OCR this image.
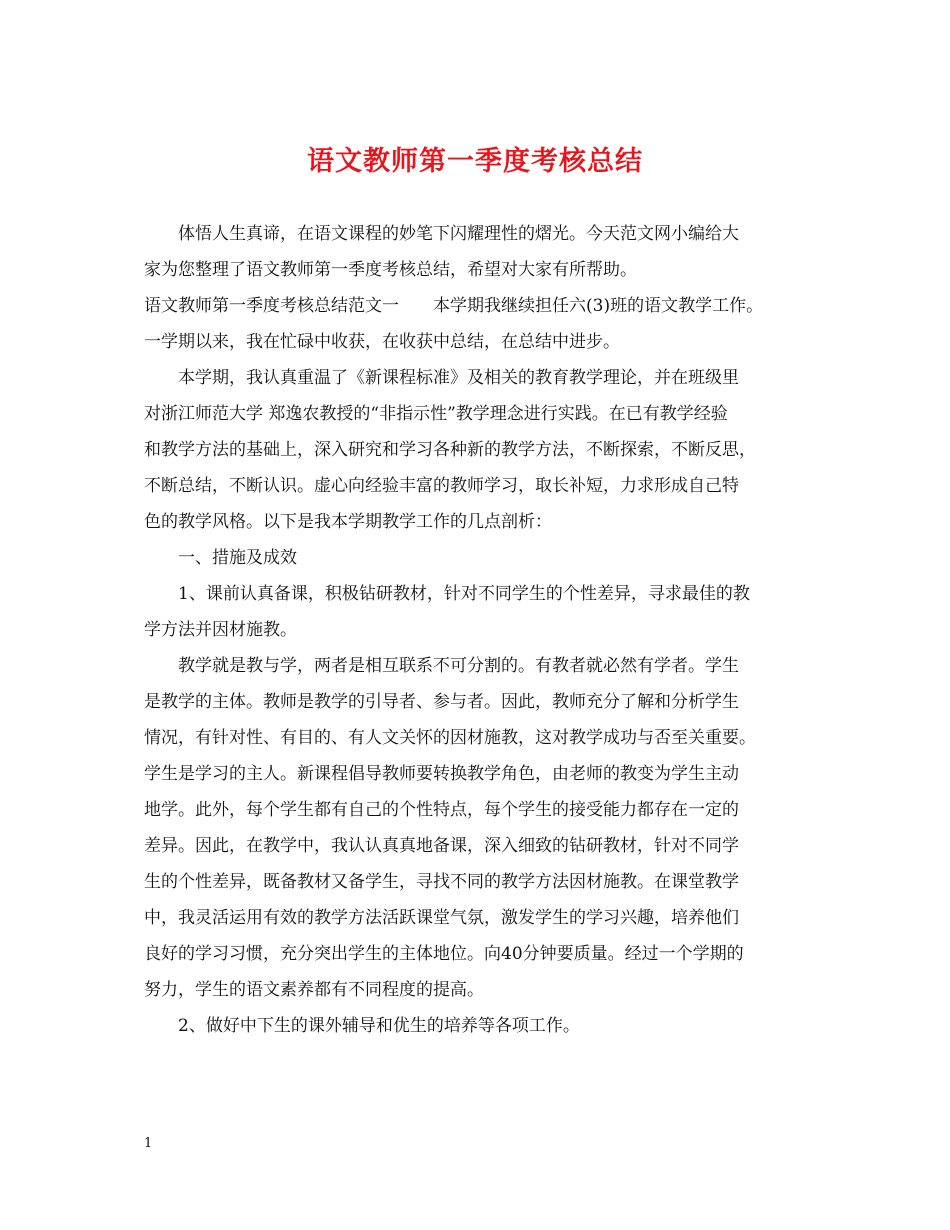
语文教师第一季度考核总结
　　体悟人生真谛，在语文课程的妙笔下闪耀理性的熠光。今天范文网小编给大
家为您整理了语文教师第一季度考核总结，希望对大家有所帮助。
语文教师第一季度考核总结范文一　　本学期我继续担任六(3)班的语文教学工作。
一学期以来，我在忙碌中收获，在收获中总结，在总结中进步。
　　本学期，我认真重温了《新课程标准》及相关的教育教学理论，并在班级里
对浙江师范大学 郑逸农教授的“非指示性”教学理念进行实践。在已有教学经验
和教学方法的基础上，深入研究和学习各种新的教学方法，不断探索，不断反思，
不断总结，不断认识。虚心向经验丰富的教师学习，取长补短，力求形成自己特
色的教学风格。以下是我本学期教学工作的几点剖析：
　　一、措施及成效
　　1、课前认真备课，积极钻研教材，针对不同学生的个性差异，寻求最佳的教
学方法并因材施教。
　　教学就是教与学，两者是相互联系不可分割的。有教者就必然有学者。学生
是教学的主体。教师是教学的引导者、参与者。因此，教师充分了解和分析学生
情况，有针对性、有目的、有人文关怀的因材施教，这对教学成功与否至关重要。
学生是学习的主人。新课程倡导教师要转换教学角色，由老师的教变为学生主动
地学。此外，每个学生都有自己的个性特点，每个学生的接受能力都存在一定的
差异。因此，在教学中，我认认真真地备课，深入细致的钻研教材，针对不同学
生的个性差异，既备教材又备学生，寻找不同的教学方法因材施教。在课堂教学
中，我灵活运用有效的教学方法活跃课堂气氛，激发学生的学习兴趣，培养他们
良好的学习习惯，充分突出学生的主体地位。向40分钟要质量。经过一个学期的
努力，学生的语文素养都有不同程度的提高。
　　2、做好中下生的课外辅导和优生的培养等各项工作。
1
